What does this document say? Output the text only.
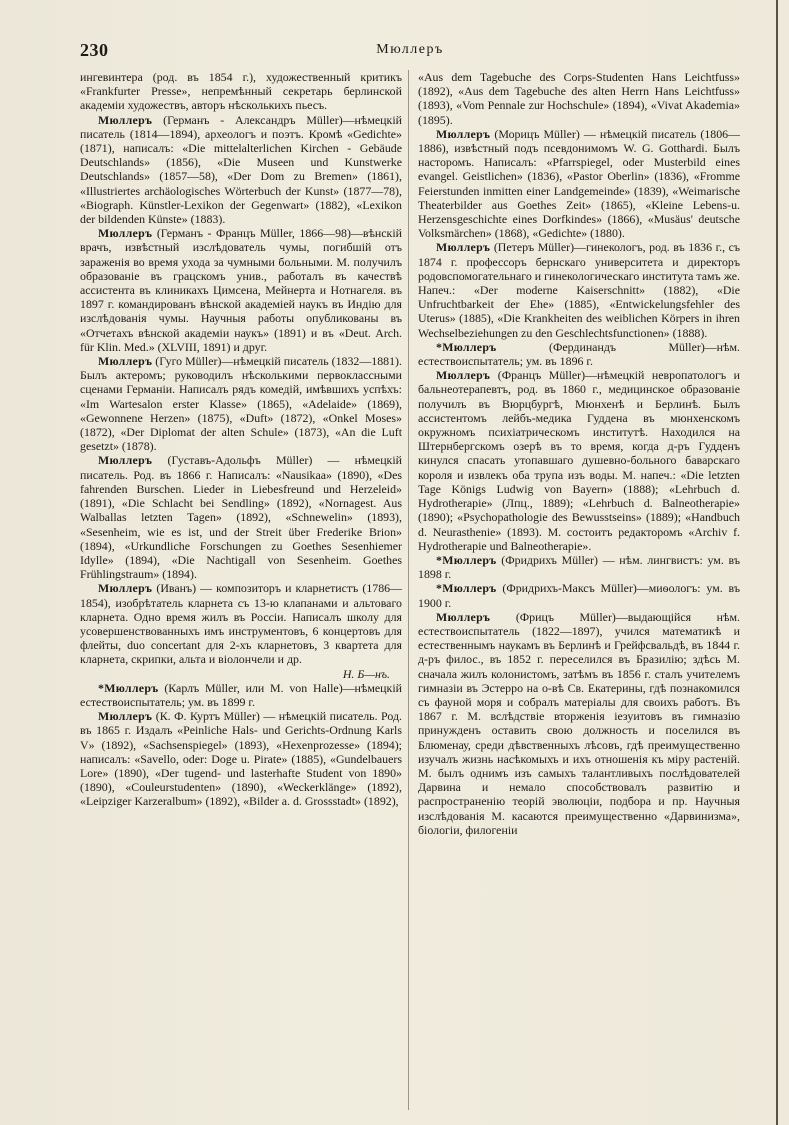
230	Мюллеръ

ингевинтера (род. въ 1854 г.), художественный критикъ «Frankfurter Presse», непремѣнный секретарь берлинской академіи художествъ, авторъ нѣсколькихъ пьесъ.

Мюллеръ (Германъ - Александръ Müller)—нѣмецкій писатель (1814—1894), археологъ и поэтъ. Кромѣ «Gedichte» (1871), написалъ: «Die mittelalterlichen Kirchen - Gebäude Deutschlands» (1856), «Die Museen und Kunstwerke Deutschlands» (1857—58), «Der Dom zu Bremen» (1861), «Illustriertes archäologisches Wörterbuch der Kunst» (1877—78), «Biograph. Künstler-Lexikon der Gegenwart» (1882), «Lexikon der bildenden Künste» (1883).

Мюллеръ (Германъ - Францъ Müller, 1866—98)—вѣнскій врачъ, извѣстный изслѣдователь чумы, погибшій отъ зараженія во время ухода за чумными больными. М. получилъ образованіе въ грацскомъ унив., работалъ въ качествѣ ассистента въ клиникахъ Цимсена, Мейнерта и Нотнагеля. въ 1897 г. командированъ вѣнской академіей наукъ въ Индію для изслѣдованія чумы. Научныя работы опубликованы въ «Отчетахъ вѣнской академіи наукъ» (1891) и въ «Deut. Arch. für Klin. Med.» (XLVIII, 1891) и друг.

Мюллеръ (Гуго Müller)—нѣмецкій писатель (1832—1881). Былъ актеромъ; руководилъ нѣсколькими первоклассными сценами Германіи. Написалъ рядъ комедій, имѣвшихъ успѣхъ: «Im Wartesalon erster Klasse» (1865), «Adelaide» (1869), «Gewonnene Herzen» (1875), «Duft» (1872), «Onkel Moses» (1872), «Der Diplomat der alten Schule» (1873), «An die Luft gesetzt» (1878).

Мюллеръ (Густавъ-Адольфъ Müller) — нѣмецкій писатель. Род. въ 1866 г. Написалъ: «Nausikaa» (1890), «Des fahrenden Burschen. Lieder in Liebesfreund und Herzeleid» (1891), «Die Schlacht bei Sendling» (1892), «Nornagest. Aus Walballas letzten Tagen» (1892), «Schnewelin» (1893), «Sesenheim, wie es ist, und der Streit über Frederike Brion» (1894), «Urkundliche Forschungen zu Goethes Sesenhiemer Idylle» (1894), «Die Nachtigall von Sesenheim. Goethes Frühlingstraum» (1894).

Мюллеръ (Иванъ) — композиторъ и кларнетистъ (1786—1854), изобрѣтатель кларнета съ 13-ю клапанами и альтоваго кларнета. Одно время жилъ въ Россіи. Написалъ школу для усовершенствованныхъ имъ инструментовъ, 6 концертовъ для флейты, duo concertant для 2-хъ кларнетовъ, 3 квартета для кларнета, скрипки, альта и віолончели и др.
Н. Б—нъ.

*Мюллеръ (Карлъ Müller, или М. von Halle)—нѣмецкій естествоиспытатель; ум. въ 1899 г.

Мюллеръ (К. Ф. Куртъ Müller) — нѣмецкій писатель. Род. въ 1865 г. Издалъ «Peinliche Hals- und Gerichts-Ordnung Karls V» (1892), «Sachsenspiegel» (1893), «Hexenprozesse» (1894); написалъ: «Savello, oder: Doge u. Pirate» (1885), «Gundelbauers Lore» (1890), «Der tugend- und lasterhafte Student von 1890» (1890), «Couleurstudenten» (1890), «Weckerklänge» (1892), «Leipziger Karzeralbum» (1892), «Bilder a. d. Grossstadt» (1892),

«Aus dem Tagebuche des Corps-Studenten Hans Leichtfuss» (1892), «Aus dem Tagebuche des alten Herrn Hans Leichtfuss» (1893), «Vom Pennale zur Hochschule» (1894), «Vivat Akademia» (1895).

Мюллеръ (Морицъ Müller) — нѣмецкій писатель (1806—1886), извѣстный подъ псевдонимомъ W. G. Gotthardi. Былъ насторомъ. Написалъ: «Pfarrspiegel, oder Musterbild eines evangel. Geistlichen» (1836), «Pastor Oberlin» (1836), «Fromme Feierstunden inmitten einer Landgemeinde» (1839), «Weimarische Theaterbilder aus Goethes Zeit» (1865), «Kleine Lebens-u. Herzensgeschichte eines Dorfkindes» (1866), «Musäus' deutsche Volksmärchen» (1868), «Gedichte» (1880).

Мюллеръ (Петеръ Müller)—гинекологъ, род. въ 1836 г., съ 1874 г. профессоръ бернскаго университета и директоръ родовспомогательнаго и гинекологическаго института тамъ же. Напеч.: «Der moderne Kaiserschnitt» (1882), «Die Unfruchtbarkeit der Ehe» (1885), «Entwickelungsfehler des Uterus» (1885), «Die Krankheiten des weiblichen Körpers in ihren Wechselbeziehungen zu den Geschlechtsfunctionen» (1888).

*Мюллеръ	(Фердинандъ Müller)—нѣм. естествоиспытатель; ум. въ 1896 г.

Мюллеръ (Францъ Müller)—нѣмецкій невропатологъ и бальнеотерапевтъ, род. въ 1860 г., медицинское образованіе получилъ въ Вюрцбургѣ, Мюнхенѣ и Берлинѣ. Былъ ассистентомъ лейбъ-медика Гуддена въ мюнхенскомъ окружномъ психіатрическомъ институтѣ. Находился на Штернбергскомъ озерѣ въ то время, когда д-ръ Гудденъ кинулся спасать утопавшаго душевно-больного баварскаго короля и извлекъ оба трупа изъ воды. М. напеч.: «Die letzten Tage Königs Ludwig von Bayern» (1888); «Lehrbuch d. Hydrotherapie» (Лпц., 1889); «Lehrbuch d. Balneotherapie» (1890); «Psychopathologie des Bewusstseins» (1889); «Handbuch d. Neurasthenie» (1893). М. состоитъ редакторомъ «Archiv f. Hydrotherapie und Balneotherapie».

*Мюллеръ (Фридрихъ Müller) — нѣм. лингвистъ: ум. въ 1898 г.

*Мюллеръ (Фридрихъ-Максъ Müller)—миѳологъ: ум. въ 1900 г.

Мюллеръ (Фрицъ Müller)—выдающійся нѣм. естествоиспытатель (1822—1897), учился математикѣ и естественнымъ наукамъ въ Берлинѣ и Грейфсвальдѣ, въ 1844 г. д-ръ филос., въ 1852 г. переселился въ Бразилію; здѣсь М. сначала жилъ колонистомъ, затѣмъ въ 1856 г. сталъ учителемъ гимназіи въ Эстерро на о-вѣ Св. Екатерины, гдѣ познакомился съ фауной моря и собралъ матеріалы для своихъ работъ. Въ 1867 г. М. вслѣдствіе вторженія іезуитовъ въ гимназію принужденъ оставить свою должность и поселился въ Блюменау, среди дѣвственныхъ лѣсовъ, гдѣ преимущественно изучалъ жизнь насѣкомыхъ и ихъ отношенія къ міру растеній. М. былъ однимъ изъ самыхъ талантливыхъ послѣдователей Дарвина и немало способствовалъ развитію и распространенію теорій эволюціи, подбора и пр. Научныя изслѣдованія М. касаются преимущественно «Дарвинизма», біологіи, филогеніи
